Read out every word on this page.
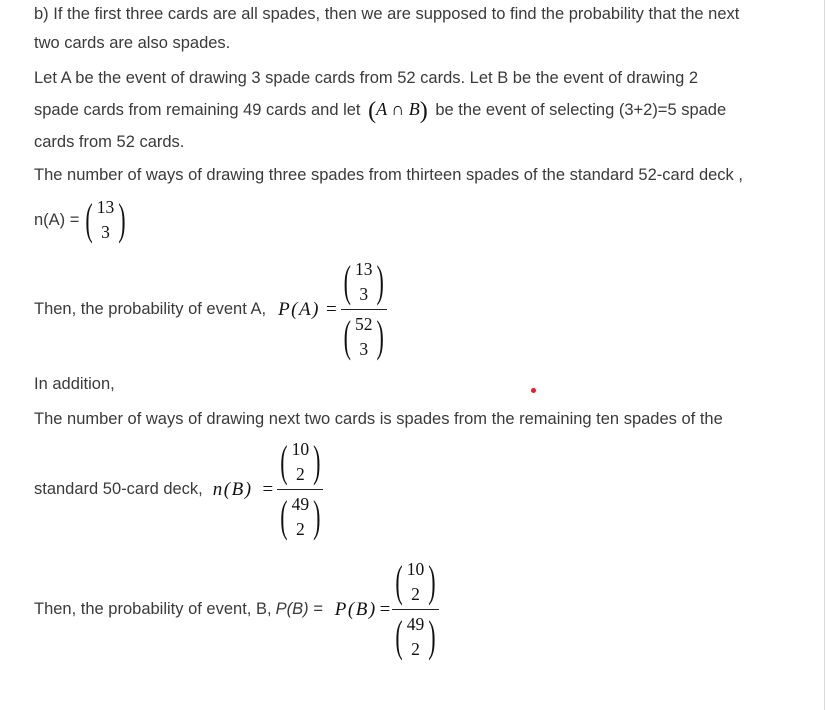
b) If the first three cards are all spades, then we are supposed to find the probability that the next
two cards are also spades.
Let A be the event of drawing 3 spade cards from 52 cards. Let B be the event of drawing 2
spade cards from remaining 49 cards and let (A ∩ B) be the event of selecting (3+2)=5 spade
cards from 52 cards.
The number of ways of drawing three spades from thirteen spades of the standard 52-card deck ,
n(A) = ( 13
3 )
Then, the probability of event A, P(A) =
( 13
3 )
( 52
3 )
In addition,
The number of ways of drawing next two cards is spades from the remaining ten spades of the
standard 50-card deck, n(B) =
( 10
2 )
( 49
2 )
Then, the probability of event, B, P(B) = P(B) =
( 10
2 )
( 49
2 )
